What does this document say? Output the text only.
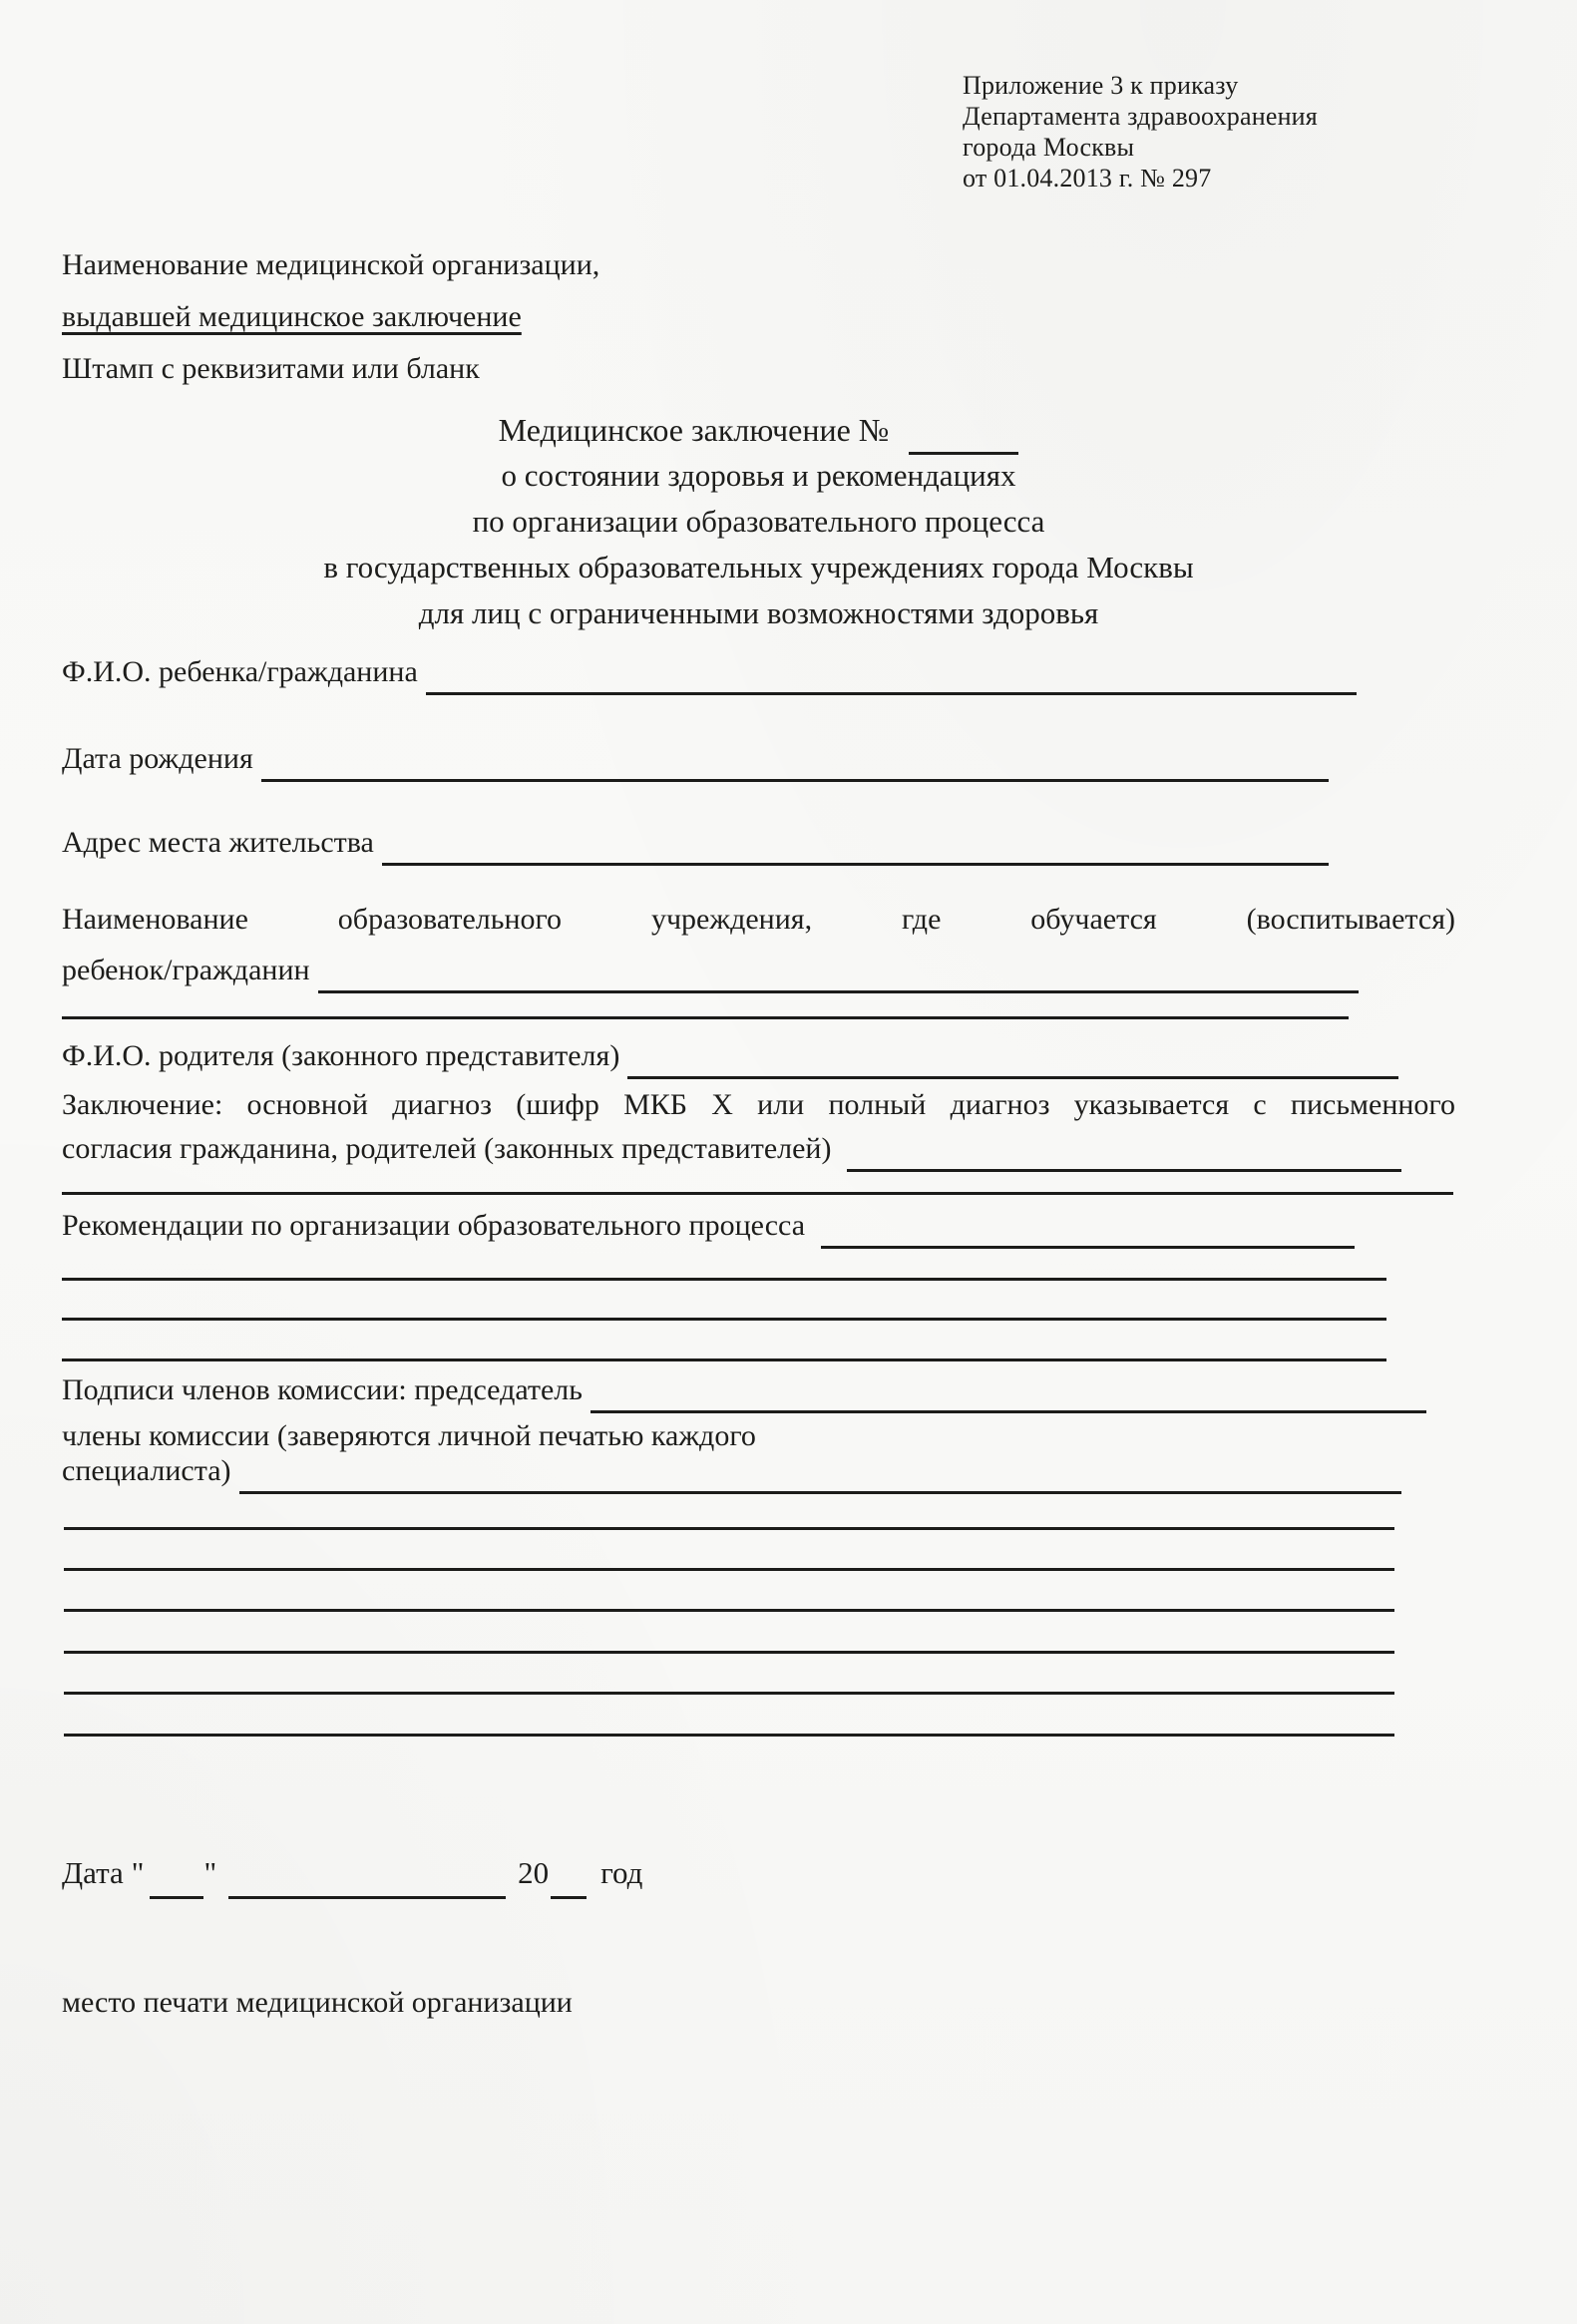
Приложение 3 к приказу
Департамента здравоохранения
города Москвы
от 01.04.2013 г. № 297
Наименование медицинской организации,
выдавшей медицинское заключение
Штамп с реквизитами или бланк
Медицинское заключение №
о состоянии здоровья и рекомендациях
по организации образовательного процесса
в государственных образовательных учреждениях города Москвы
для лиц с ограниченными возможностями здоровья
Ф.И.О. ребенка/гражданина
Дата рождения
Адрес места жительства
Наименование образовательного учреждения, где обучается (воспитывается)
ребенок/гражданин
Ф.И.О. родителя (законного представителя)
Заключение: основной диагноз (шифр МКБ X или полный диагноз указывается с письменного
согласия гражданина, родителей (законных представителей)
Рекомендации по организации образовательного процесса
Подписи членов комиссии: председатель
члены комиссии (заверяются личной печатью каждого
специалиста)
Дата " "	20 год
место печати медицинской организации
